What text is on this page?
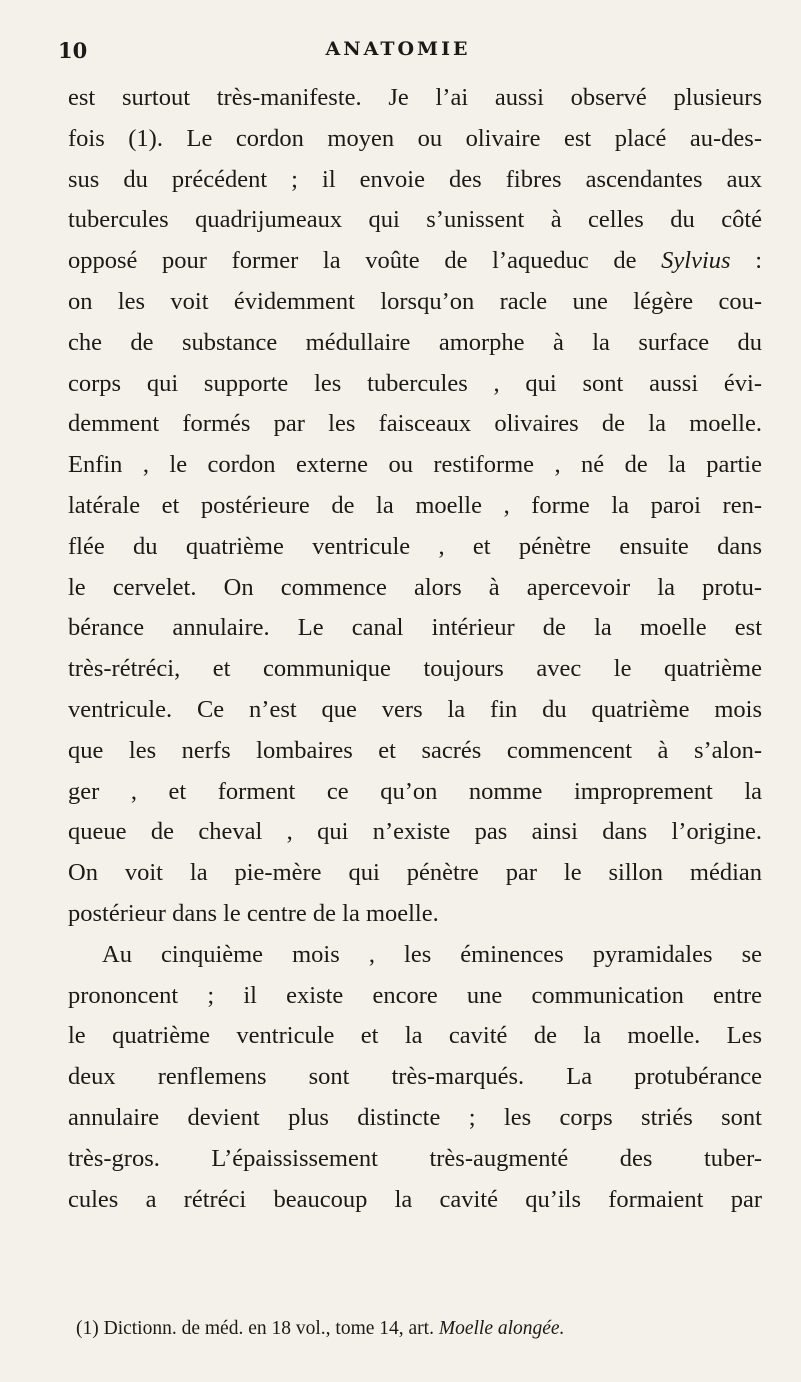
10	ANATOMIE
est surtout très-manifeste. Je l’ai aussi observé plusieurs
fois (1). Le cordon moyen ou olivaire est placé au-des-
sus du précédent ; il envoie des fibres ascendantes aux
tubercules quadrijumeaux qui s’unissent à celles du côté
opposé pour former la voûte de l’aqueduc de Sylvius :
on les voit évidemment lorsqu’on racle une légère cou-
che de substance médullaire amorphe à la surface du
corps qui supporte les tubercules , qui sont aussi évi-
demment formés par les faisceaux olivaires de la moelle.
Enfin , le cordon externe ou restiforme , né de la partie
latérale et postérieure de la moelle , forme la paroi ren-
flée du quatrième ventricule , et pénètre ensuite dans
le cervelet. On commence alors à apercevoir la protu-
bérance annulaire. Le canal intérieur de la moelle est
très-rétréci, et communique toujours avec le quatrième
ventricule. Ce n’est que vers la fin du quatrième mois
que les nerfs lombaires et sacrés commencent à s’alon-
ger , et forment ce qu’on nomme improprement la
queue de cheval , qui n’existe pas ainsi dans l’origine.
On voit la pie-mère qui pénètre par le sillon médian
postérieur dans le centre de la moelle.
Au cinquième mois , les éminences pyramidales se
prononcent ; il existe encore une communication entre
le quatrième ventricule et la cavité de la moelle. Les
deux renflemens sont très-marqués. La protubérance
annulaire devient plus distincte ; les corps striés sont
très-gros. L’épaississement très-augmenté des tuber-
cules a rétréci beaucoup la cavité qu’ils formaient par
(1) Dictionn. de méd. en 18 vol., tome 14, art. Moelle alongée.
